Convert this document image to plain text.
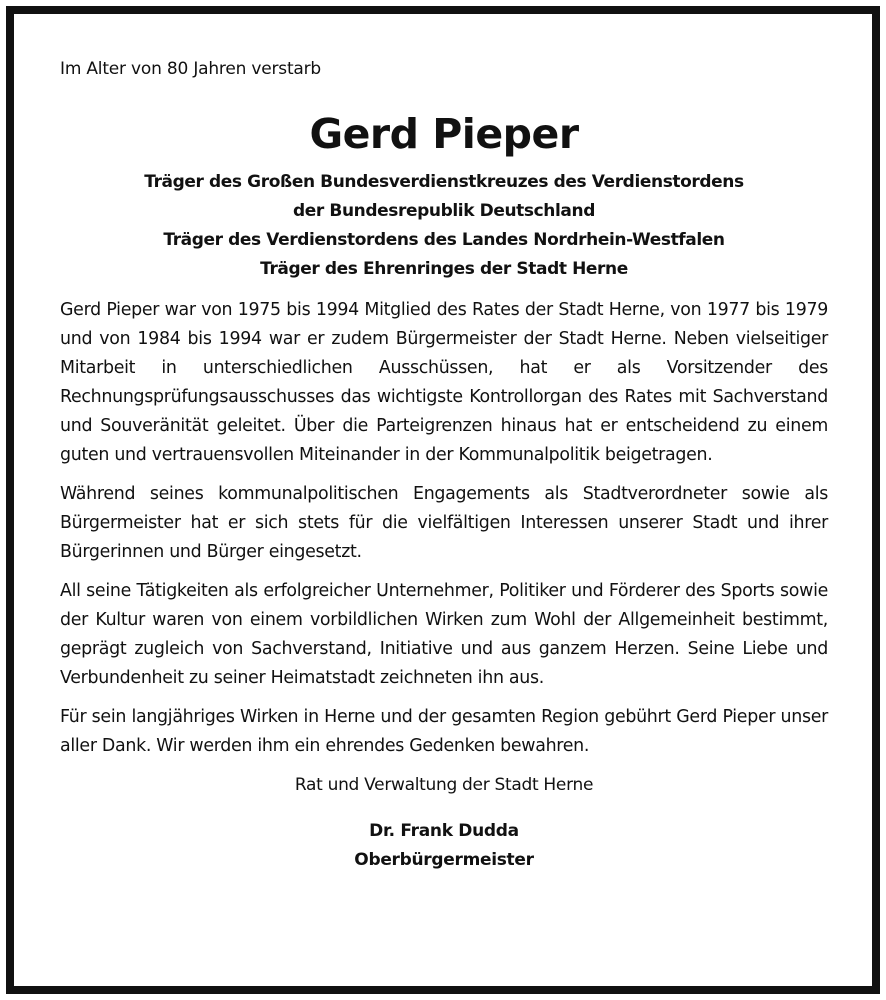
Im Alter von 80 Jahren verstarb

Gerd Pieper
Träger des Großen Bundesverdienstkreuzes des Verdienstordens
der Bundesrepublik Deutschland
Träger des Verdienstordens des Landes Nordrhein-Westfalen
Träger des Ehrenringes der Stadt Herne

Gerd Pieper war von 1975 bis 1994 Mitglied des Rates der Stadt Herne, von 1977 bis 1979 und von 1984 bis 1994 war er zudem Bürgermeister der Stadt Herne. Neben vielseitiger Mitarbeit in unterschiedlichen Ausschüssen, hat er als Vorsitzender des Rechnungsprüfungsausschusses das wichtigste Kontrollorgan des Rates mit Sachverstand und Souveränität geleitet. Über die Parteigrenzen hinaus hat er entscheidend zu einem guten und vertrauensvollen Miteinander in der Kommunalpolitik beigetragen.

Während seines kommunalpolitischen Engagements als Stadtverordneter sowie als Bürgermeister hat er sich stets für die vielfältigen Interessen unserer Stadt und ihrer Bürgerinnen und Bürger eingesetzt.

All seine Tätigkeiten als erfolgreicher Unternehmer, Politiker und Förderer des Sports sowie der Kultur waren von einem vorbildlichen Wirken zum Wohl der Allgemeinheit bestimmt, geprägt zugleich von Sachverstand, Initiative und aus ganzem Herzen. Seine Liebe und Verbundenheit zu seiner Heimatstadt zeichneten ihn aus.

Für sein langjähriges Wirken in Herne und der gesamten Region gebührt Gerd Pieper unser aller Dank. Wir werden ihm ein ehrendes Gedenken bewahren.

Rat und Verwaltung der Stadt Herne

Dr. Frank Dudda
Oberbürgermeister
